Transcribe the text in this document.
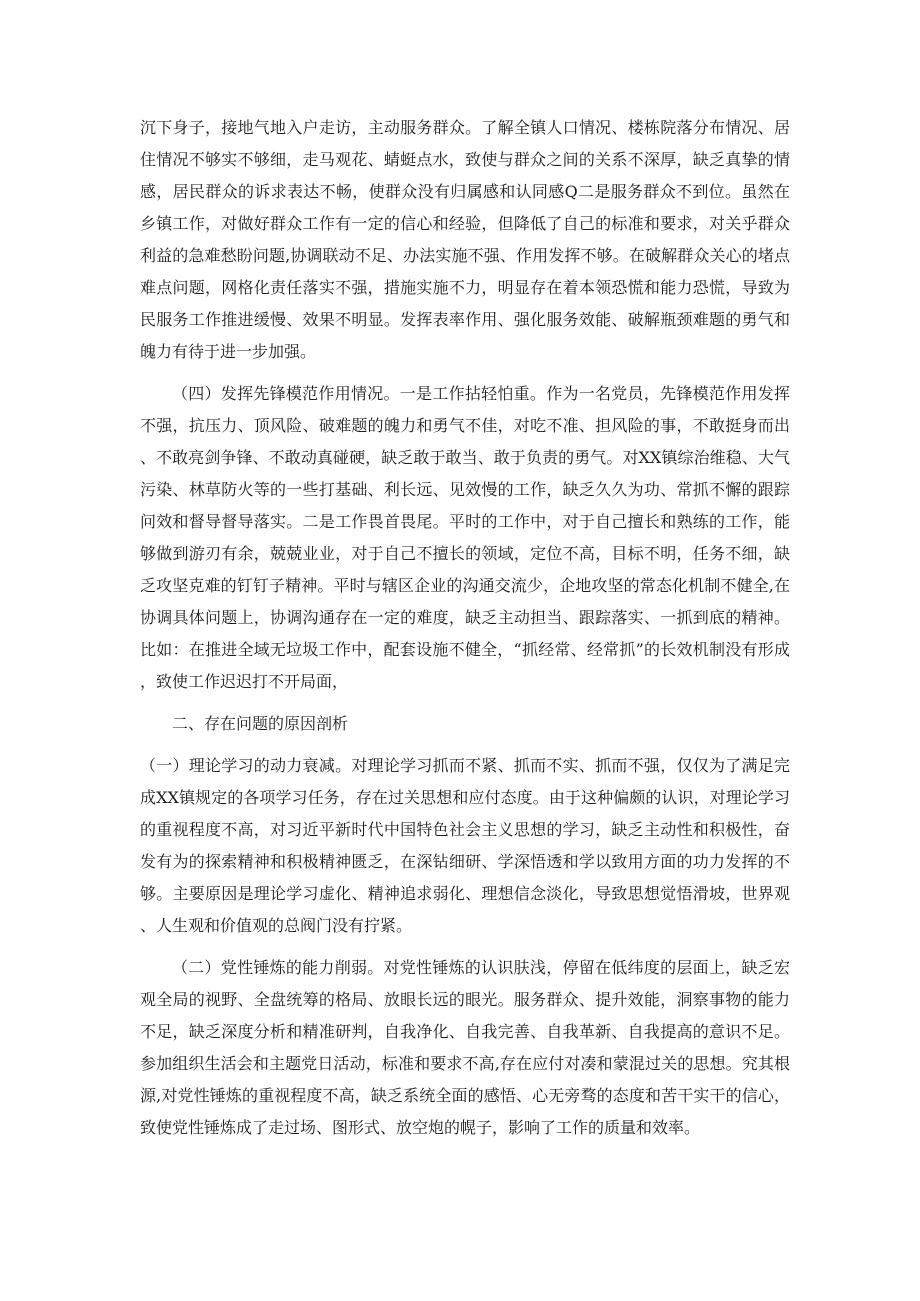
沉下身子，接地气地入户走访，主动服务群众。了解全镇人口情况、楼栋院落分布情况、居住情况不够实不够细，走马观花、蜻蜓点水，致使与群众之间的关系不深厚，缺乏真挚的情感，居民群众的诉求表达不畅，使群众没有归属感和认同感Q二是服务群众不到位。虽然在乡镇工作，对做好群众工作有一定的信心和经验，但降低了自己的标准和要求，对关乎群众利益的急难愁盼问题,协调联动不足、办法实施不强、作用发挥不够。在破解群众关心的堵点难点问题，网格化责任落实不强，措施实施不力，明显存在着本领恐慌和能力恐慌，导致为民服务工作推进缓慢、效果不明显。发挥表率作用、强化服务效能、破解瓶颈难题的勇气和魄力有待于进一步加强。

（四）发挥先锋模范作用情况。一是工作拈轻怕重。作为一名党员，先锋模范作用发挥不强，抗压力、顶风险、破难题的魄力和勇气不佳，对吃不准、担风险的事，不敢挺身而出、不敢亮剑争锋、不敢动真碰硬，缺乏敢于敢当、敢于负责的勇气。对XX镇综治维稳、大气污染、林草防火等的一些打基础、利长远、见效慢的工作，缺乏久久为功、常抓不懈的跟踪问效和督导督导落实。二是工作畏首畏尾。平时的工作中，对于自己擅长和熟练的工作，能够做到游刃有余，兢兢业业，对于自己不擅长的领域，定位不高，目标不明，任务不细，缺乏攻坚克难的钉钉子精神。平时与辖区企业的沟通交流少，企地攻坚的常态化机制不健全,在协调具体问题上，协调沟通存在一定的难度，缺乏主动担当、跟踪落实、一抓到底的精神。比如：在推进全域无垃圾工作中，配套设施不健全，“抓经常、经常抓”的长效机制没有形成，致使工作迟迟打不开局面，

二、存在问题的原因剖析

（一）理论学习的动力衰减。对理论学习抓而不紧、抓而不实、抓而不强，仅仅为了满足完成XX镇规定的各项学习任务，存在过关思想和应付态度。由于这种偏颇的认识，对理论学习的重视程度不高，对习近平新时代中国特色社会主义思想的学习，缺乏主动性和积极性，奋发有为的探索精神和积极精神匮乏，在深钻细研、学深悟透和学以致用方面的功力发挥的不够。主要原因是理论学习虚化、精神追求弱化、理想信念淡化，导致思想觉悟滑坡，世界观、人生观和价值观的总阀门没有拧紧。

（二）党性锤炼的能力削弱。对党性锤炼的认识肤浅，停留在低纬度的层面上，缺乏宏观全局的视野、全盘统筹的格局、放眼长远的眼光。服务群众、提升效能，洞察事物的能力不足，缺乏深度分析和精准研判，自我净化、自我完善、自我革新、自我提高的意识不足。参加组织生活会和主题党日活动，标准和要求不高,存在应付对凑和蒙混过关的思想。究其根源,对党性锤炼的重视程度不高，缺乏系统全面的感悟、心无旁骛的态度和苦干实干的信心，致使党性锤炼成了走过场、图形式、放空炮的幌子，影响了工作的质量和效率。
